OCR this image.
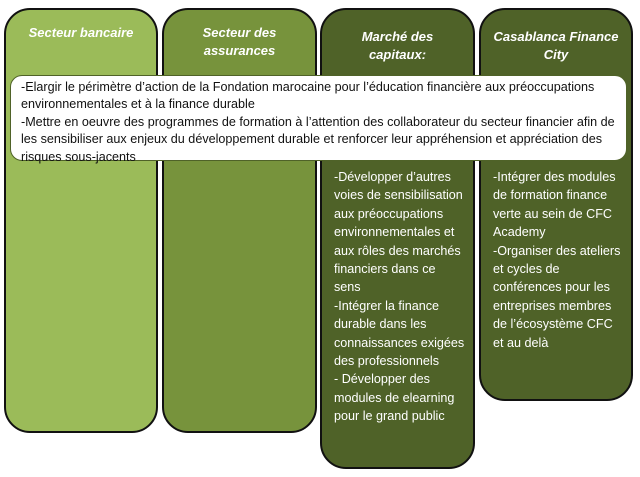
Secteur bancaire	Secteur des assurances
Marché des capitaux:
-Développer d’autres voies de sensibilisation aux préoccupations environnementales et aux rôles des marchés financiers dans ce sens
-Intégrer la finance durable dans les connaissances exigées des professionnels
- Développer des modules de elearning pour le grand public
Casablanca Finance City
-Intégrer des modules de formation finance verte au sein de CFC Academy
-Organiser des ateliers et cycles de conférences pour les entreprises membres de l’écosystème CFC et au delà
-Elargir le périmètre d’action de la Fondation marocaine pour l’éducation financière aux préoccupations environnementales et à la finance durable
-Mettre en oeuvre des programmes de formation à l’attention des collaborateur du secteur financier afin de les sensibiliser aux enjeux du développement durable et renforcer leur appréhension et appréciation des risques sous-jacents
